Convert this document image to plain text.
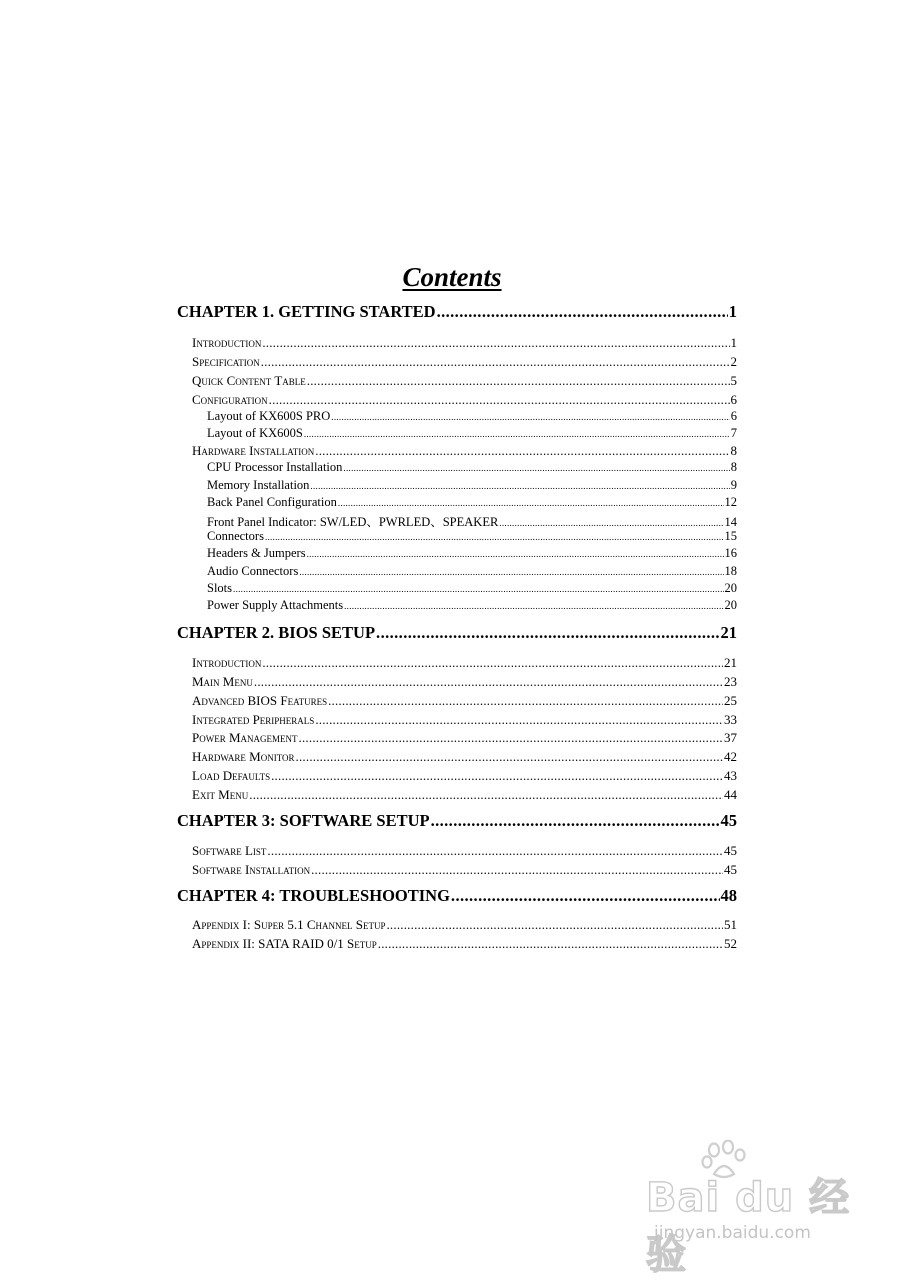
Contents
CHAPTER 1. GETTING STARTED .....	1
Introduction .....	1
Specification .....	2
Quick Content Table .....	5
Configuration .....	6
Layout of KX600S PRO .....	6
Layout of KX600S .....	7
Hardware Installation .....	8
CPU Processor Installation .....	8
Memory Installation .....	9
Back Panel Configuration .....	12
Front Panel Indicator: SW/LED、PWRLED、SPEAKER .....	14
Connectors .....	15
Headers & Jumpers .....	16
Audio Connectors .....	18
Slots .....	20
Power Supply Attachments .....	20
CHAPTER 2. BIOS SETUP .....	21
Introduction .....	21
Main Menu .....	23
Advanced BIOS Features .....	25
Integrated Peripherals .....	33
Power Management .....	37
Hardware Monitor .....	42
Load Defaults .....	43
Exit Menu .....	44
CHAPTER 3: SOFTWARE SETUP .....	45
Software List .....	45
Software Installation .....	45
CHAPTER 4: TROUBLESHOOTING .....	48
Appendix I: Super 5.1 Channel Setup .....	51
Appendix II: SATA RAID 0/1 Setup .....	52
Bai du 经验
jingyan.baidu.com
